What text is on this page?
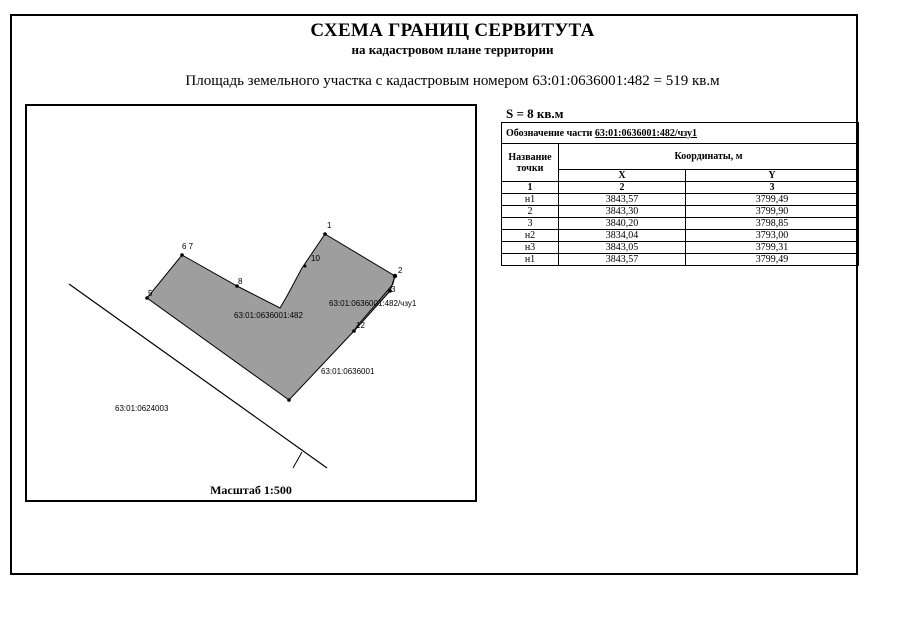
СХЕМА ГРАНИЦ СЕРВИТУТА
на кадастровом плане территории
Площадь земельного участка с кадастровым номером 63:01:0636001:482 = 519 кв.м
1
2
3
6 7
8
5
10
12
63:01:0636001:482
63:01:0636001:482/чзу1
63:01:0636001
63:01:0624003
Масштаб 1:500
S = 8 кв.м
Обозначение части 63:01:0636001:482/чзу1		
Название точки	Координаты, м	
	X	Y
1	2	3
н1	3843,57	3799,49
2	3843,30	3799,90
3	3840,20	3798,85
н2	3834,04	3793,00
н3	3843,05	3799,31
н1	3843,57	3799,49
